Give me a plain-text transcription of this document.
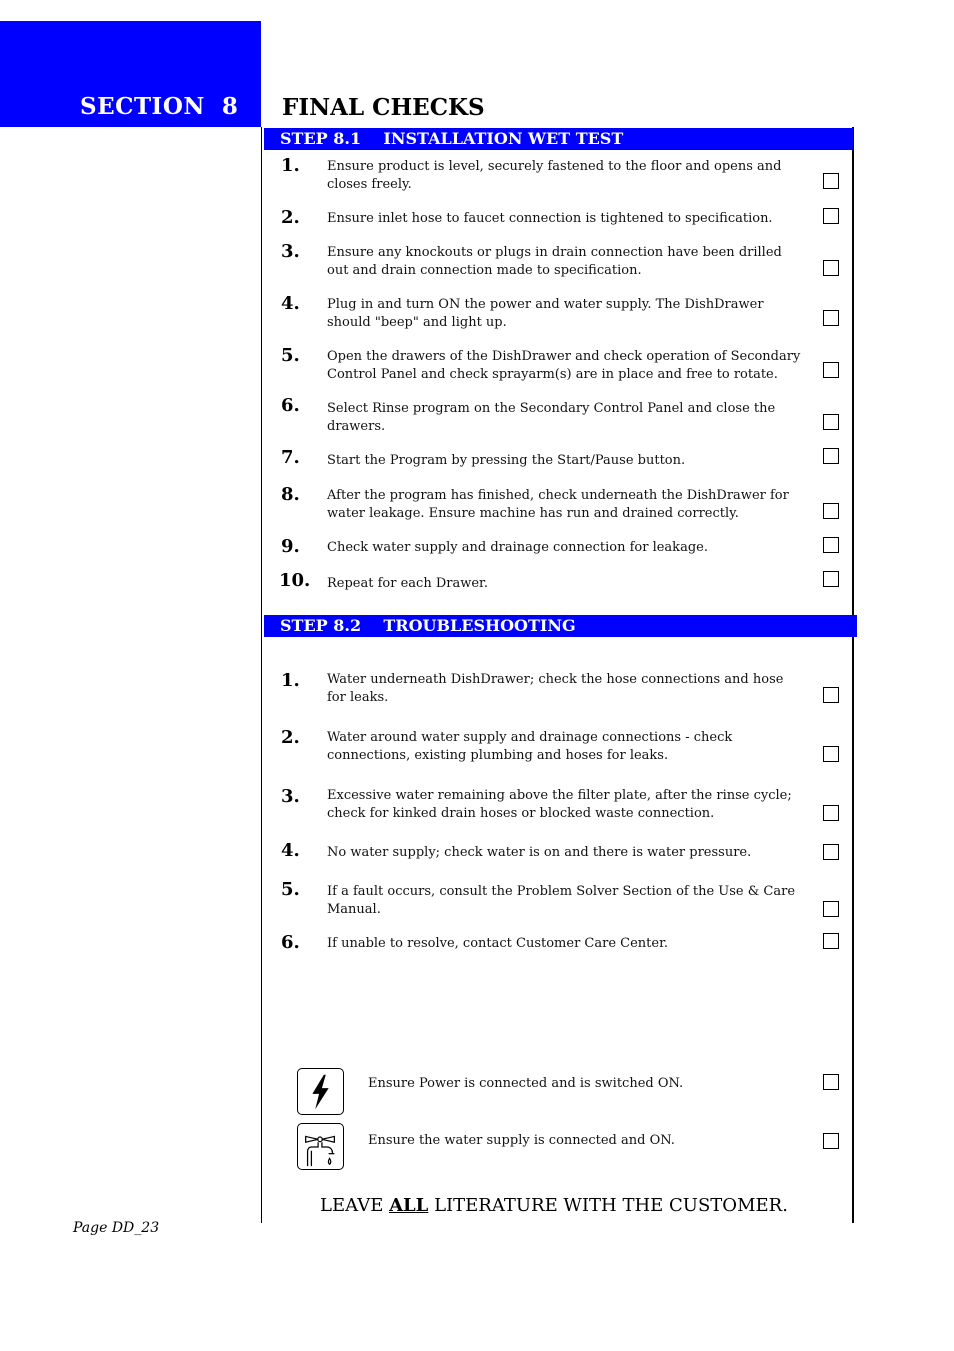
SECTION  8 FINAL CHECKS
STEP 8.1    INSTALLATION WET TEST
1. Ensure product is level, securely fastened to the floor and opens and closes freely.
2. Ensure inlet hose to faucet connection is tightened to specification.
3. Ensure any knockouts or plugs in drain connection have been drilled out and drain connection made to specification.
4. Plug in and turn ON the power and water supply. The DishDrawer should "beep" and light up.
5. Open the drawers of the DishDrawer and check operation of Secondary Control Panel and check sprayarm(s) are in place and free to rotate.
6. Select Rinse program on the Secondary Control Panel and close the drawers.
7. Start the Program by pressing the Start/Pause button.
8. After the program has finished, check underneath the DishDrawer for water leakage. Ensure machine has run and drained correctly.
9. Check water supply and drainage connection for leakage.
10. Repeat for each Drawer.
STEP 8.2    TROUBLESHOOTING
1. Water underneath DishDrawer; check the hose connections and hose for leaks.
2. Water around water supply and drainage connections - check connections, existing plumbing and hoses for leaks.
3. Excessive water remaining above the filter plate, after the rinse cycle; check for kinked drain hoses or blocked waste connection.
4. No water supply; check water is on and there is water pressure.
5. If a fault occurs, consult the Problem Solver Section of the Use & Care Manual.
6. If unable to resolve, contact Customer Care Center.
Ensure Power is connected and is switched ON.
Ensure the water supply is connected and ON.
LEAVE ALL LITERATURE WITH THE CUSTOMER.
Page DD_23
